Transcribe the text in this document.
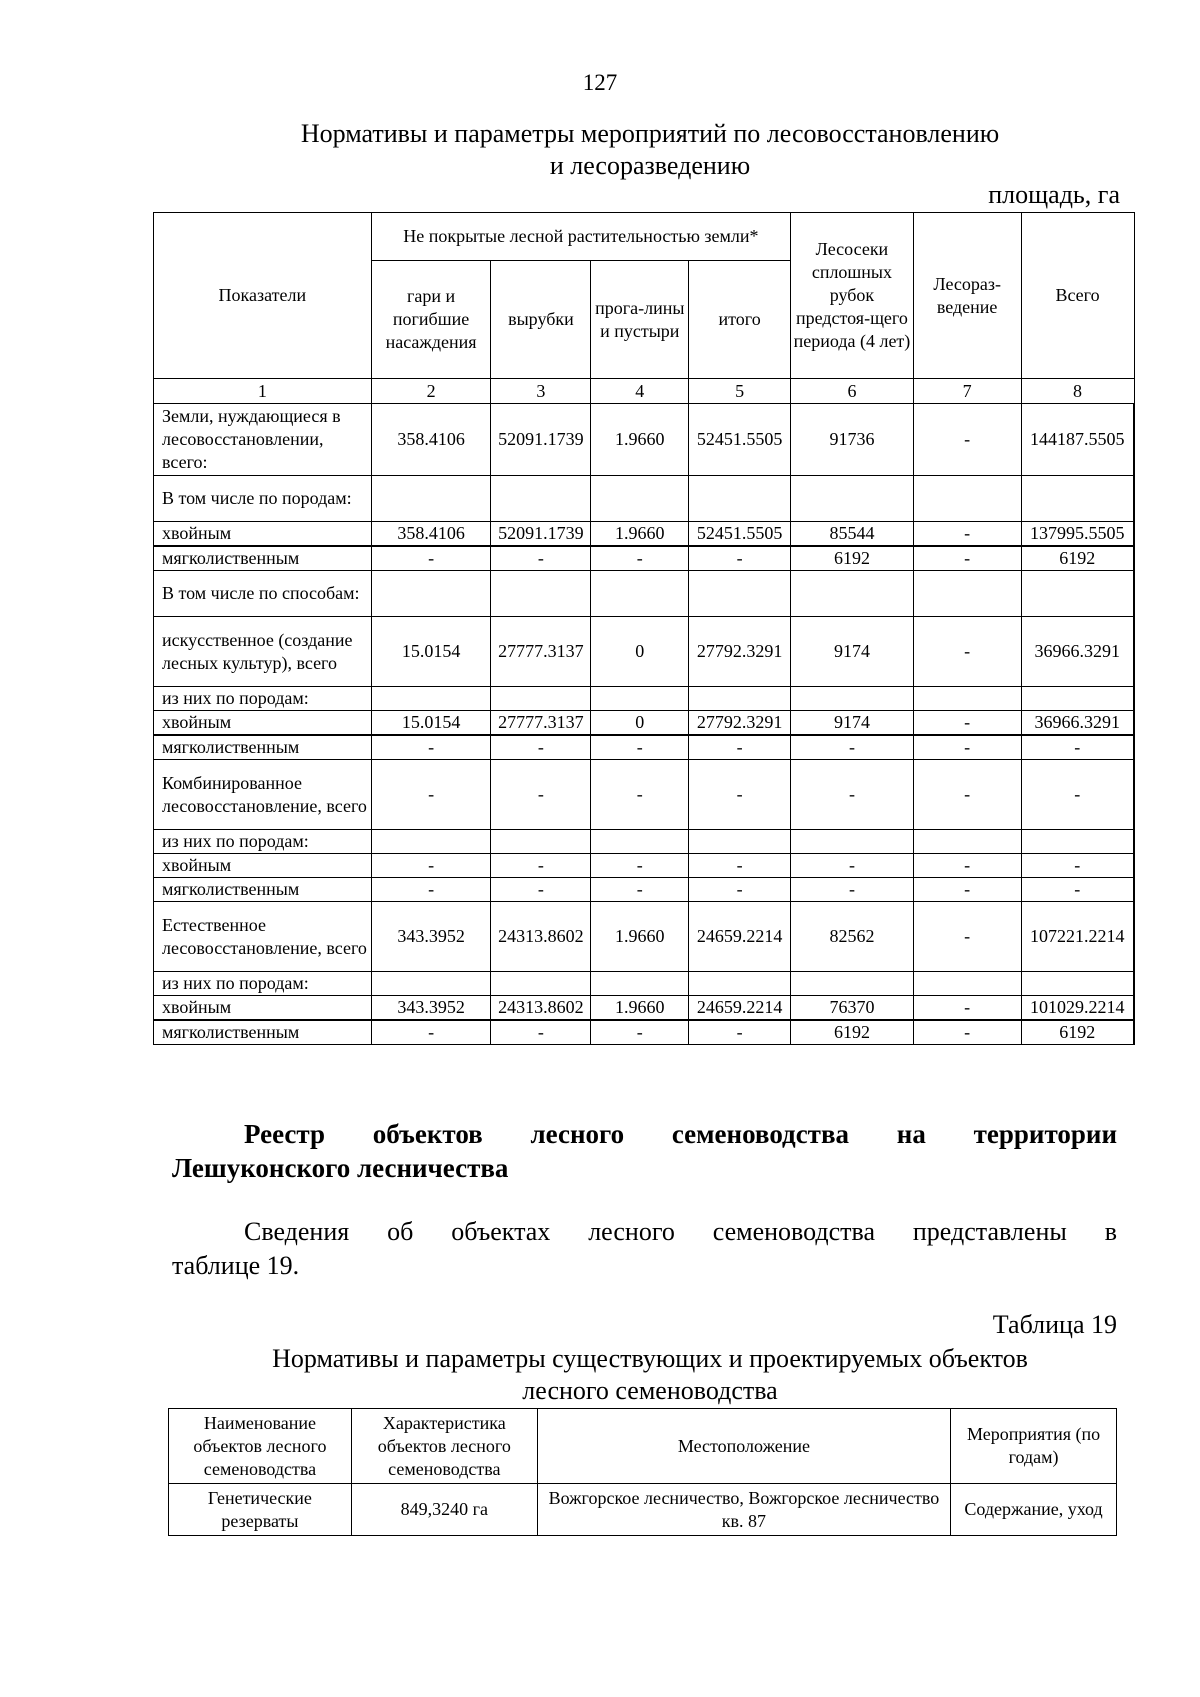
127
Нормативы и параметры мероприятий по лесовосстановлению
и лесоразведению
площадь, га
Показатели	Не покрытые лесной растительностью земли*				Лесосеки сплошных рубок предстоя-щего периода (4 лет)	Лесораз-ведение	Всего
	гари и погибшие насаждения	вырубки	прога-лины и пустыри	итого			
1	2	3	4	5	6	7	8
Земли, нуждающиеся в лесовосстановлении, всего:	358.4106	52091.1739	1.9660	52451.5505	91736	-	144187.5505
В том числе по породам:							
хвойным	358.4106	52091.1739	1.9660	52451.5505	85544	-	137995.5505
мягколиственным	-	-	-	-	6192	-	6192
В том числе по способам:							
искусственное (создание лесных культур), всего	15.0154	27777.3137	0	27792.3291	9174	-	36966.3291
из них по породам:							
хвойным	15.0154	27777.3137	0	27792.3291	9174	-	36966.3291
мягколиственным	-	-	-	-	-	-	-
Комбинированное лесовосстановление, всего	-	-	-	-	-	-	-
из них по породам:							
хвойным	-	-	-	-	-	-	-
мягколиственным	-	-	-	-	-	-	-
Естественное лесовосстановление, всего	343.3952	24313.8602	1.9660	24659.2214	82562	-	107221.2214
из них по породам:							
хвойным	343.3952	24313.8602	1.9660	24659.2214	76370	-	101029.2214
мягколиственным	-	-	-	-	6192	-	6192
Реестр объектов лесного семеноводства на территории
Лешуконского лесничества
Сведения об объектах лесного семеноводства представлены в
таблице 19.
Таблица 19
Нормативы и параметры существующих и проектируемых объектов
лесного семеноводства
Наименование объектов лесного семеноводства	Характеристика объектов лесного семеноводства	Местоположение	Мероприятия (по годам)
Генетические резерваты	849,3240 га	Вожгорское лесничество, Вожгорское лесничество кв. 87	Содержание, уход
